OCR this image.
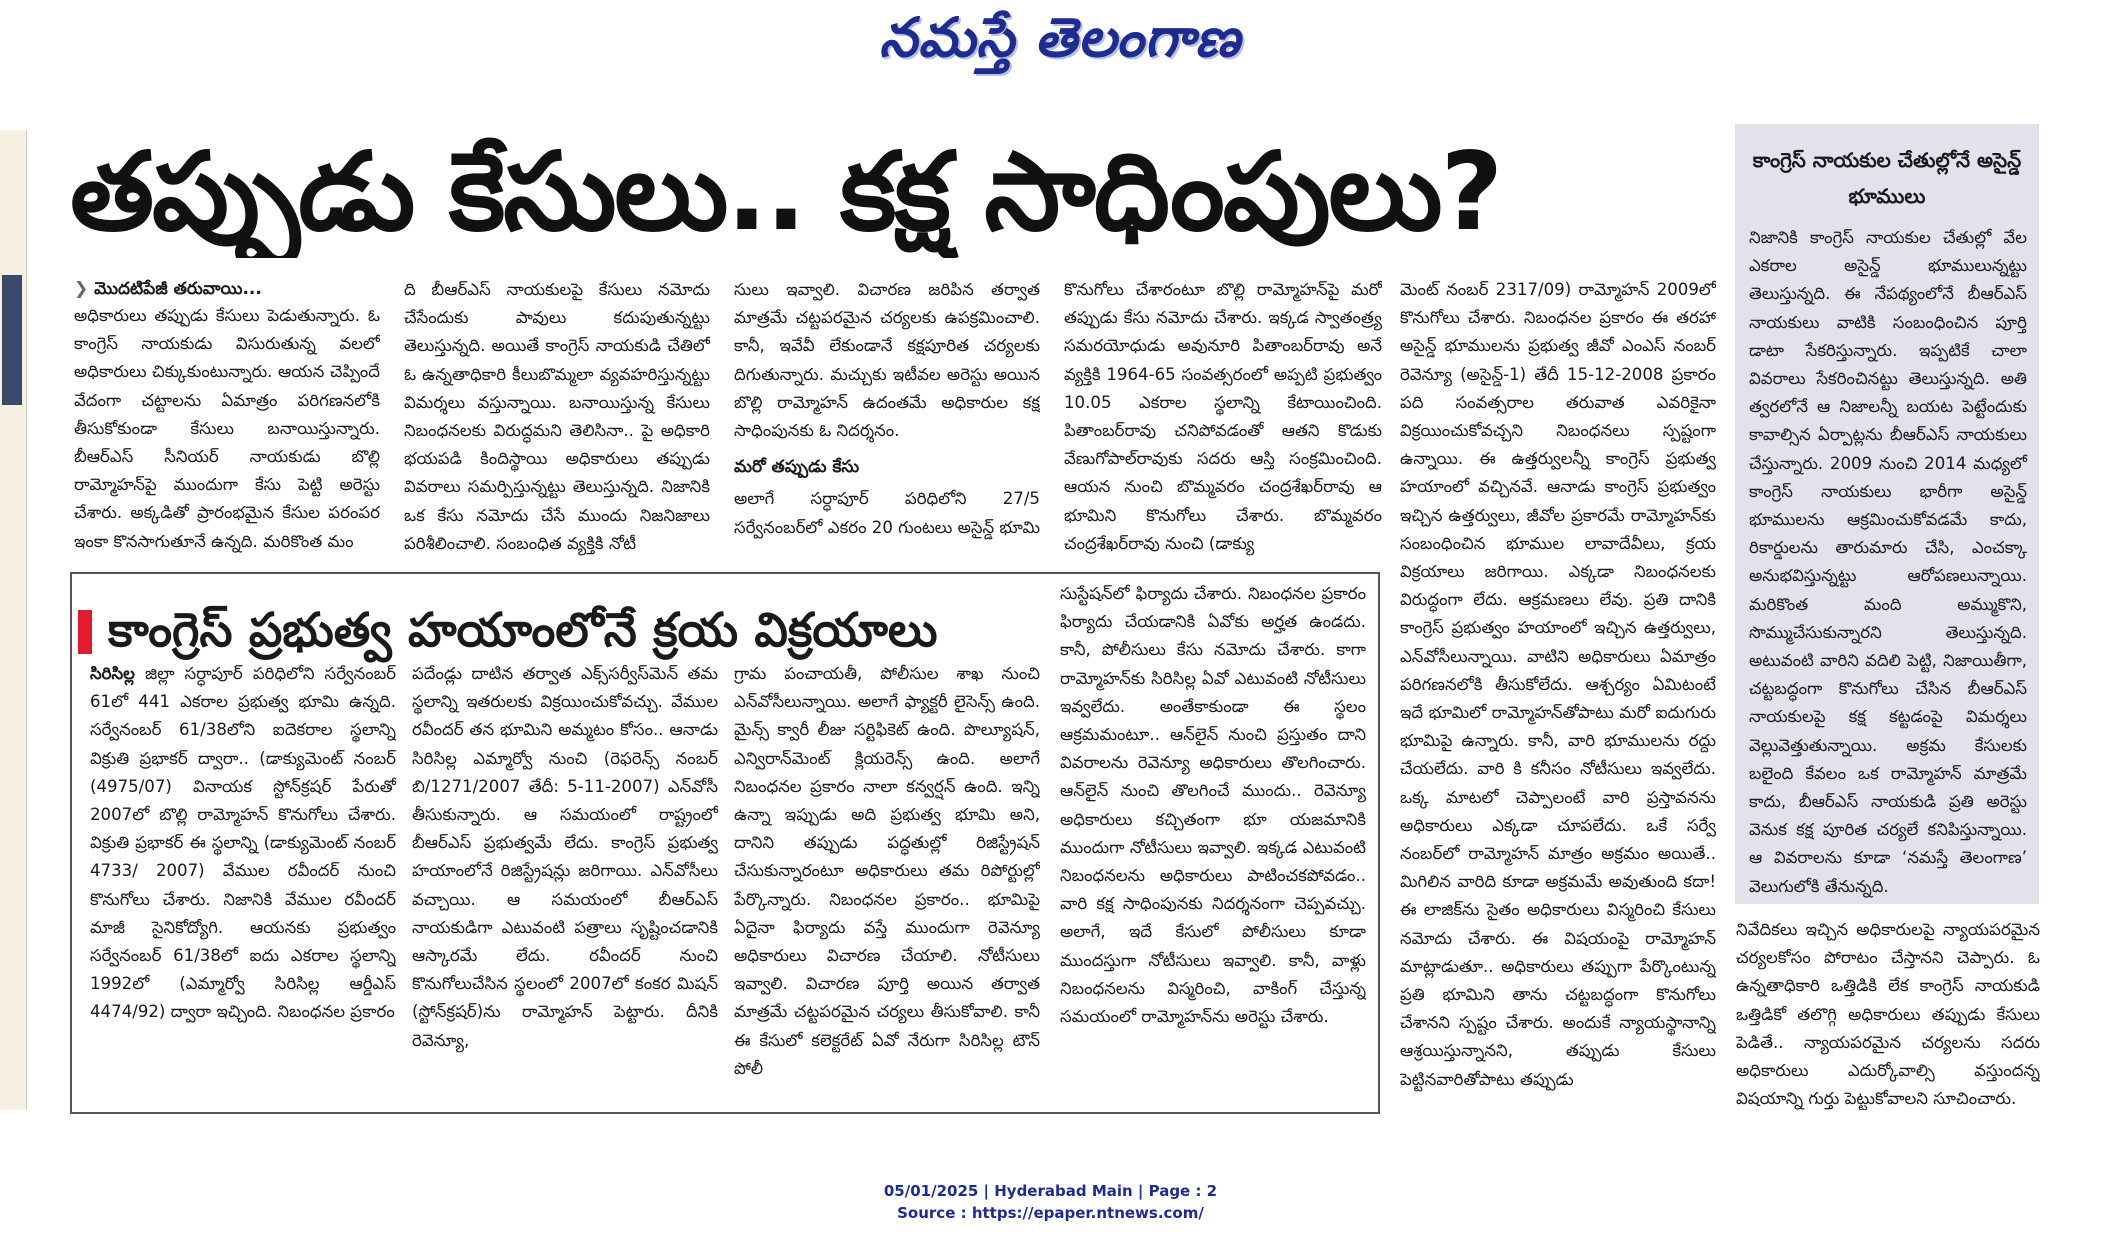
నమస్తే తెలంగాణ
తప్పుడు కేసులు.. కక్ష సాధింపులు?
❯ మొదటిపేజీ తరువాయి...

అధికారులు తప్పుడు కేసులు పెడుతున్నారు. ఓ కాంగ్రెస్ నాయకుడు విసురుతున్న వలలో అధికారులు చిక్కుకుంటున్నారు. ఆయన చెప్పిందే వేదంగా చట్టాలను ఏమాత్రం పరిగణనలోకి తీసుకోకుండా కేసులు బనాయిస్తున్నారు. బీఆర్ఎస్ సీనియర్ నాయకుడు బొల్లి రామ్మోహన్‌పై ముందుగా కేసు పెట్టి అరెస్టు చేశారు. అక్కడితో ప్రారంభమైన కేసుల పరంపర ఇంకా కొనసాగుతూనే ఉన్నది. మరికొంత మం

ది బీఆర్ఎస్ నాయకులపై కేసులు నమోదు చేసేందుకు పావులు కదుపుతున్నట్టు తెలుస్తున్నది. అయితే కాంగ్రెస్ నాయకుడి చేతిలో ఓ ఉన్నతాధికారి కీలుబొమ్మలా వ్యవహరిస్తున్నట్టు విమర్శలు వస్తున్నాయి. బనాయిస్తున్న కేసులు నిబంధనలకు విరుద్ధమని తెలిసినా.. పై అధికారి భయపడి కిందిస్థాయి అధికారులు తప్పుడు వివరాలు సమర్పిస్తున్నట్టు తెలుస్తున్నది. నిజానికి ఒక కేసు నమోదు చేసే ముందు నిజనిజాలు పరిశీలించాలి. సంబంధిత వ్యక్తికి నోటీ

సులు ఇవ్వాలి. విచారణ జరిపిన తర్వాత మాత్రమే చట్టపరమైన చర్యలకు ఉపక్రమించాలి. కానీ, ఇవేవీ లేకుండానే కక్షపూరిత చర్యలకు దిగుతున్నారు. మచ్చుకు ఇటీవల అరెస్టు అయిన బొల్లి రామ్మోహన్ ఉదంతమే అధికారుల కక్ష సాధింపునకు ఓ నిదర్శనం.

మరో తప్పుడు కేసు

అలాగే సర్ధాపూర్ పరిధిలోని 27/5 సర్వేనంబర్‌లో ఎకరం 20 గుంటలు అసైన్డ్ భూమి

కొనుగోలు చేశారంటూ బొల్లి రామ్మోహన్‌పై మరో తప్పుడు కేసు నమోదు చేశారు. ఇక్కడ స్వాతంత్ర్య సమరయోధుడు అవునూరి పితాంబర్‌రావు అనే వ్యక్తికి 1964-65 సంవత్సరంలో అప్పటి ప్రభుత్వం 10.05 ఎకరాల స్థలాన్ని కేటాయించింది. పితాంబర్‌రావు చనిపోవడంతో ఆతని కొడుకు వేణుగోపాల్‌రావుకు సదరు ఆస్తి సంక్రమించింది. ఆయన నుంచి బొమ్మవరం చంద్రశేఖర్‌రావు ఆ భూమిని కొనుగోలు చేశారు. బొమ్మవరం చంద్రశేఖర్‌రావు నుంచి (డాక్యు

మెంట్ నంబర్ 2317/09) రామ్మోహన్ 2009లో కొనుగోలు చేశారు. నిబంధనల ప్రకారం ఈ తరహా అసైన్డ్ భూములను ప్రభుత్వ జీవో ఎంఎస్ నంబర్ రెవెన్యూ (అసైన్డ్-1) తేదీ 15-12-2008 ప్రకారం పది సంవత్సరాల తరువాత ఎవరికైనా విక్రయించుకోవచ్చని నిబంధనలు స్పష్టంగా ఉన్నాయి. ఈ ఉత్తర్వులన్నీ కాంగ్రెస్ ప్రభుత్వ హయాంలో వచ్చినవే. ఆనాడు కాంగ్రెస్ ప్రభుత్వం ఇచ్చిన ఉత్తర్వులు, జీవోల ప్రకారమే రామ్మోహన్‌కు సంబంధించిన భూముల లావాదేవీలు, క్రయ విక్రయాలు జరిగాయి. ఎక్కడా నిబంధనలకు విరుద్ధంగా లేదు. ఆక్రమణలు లేవు. ప్రతి దానికి కాంగ్రెస్ ప్రభుత్వం హయాంలో ఇచ్చిన ఉత్తర్వులు, ఎన్‌వోసీలున్నాయి. వాటిని అధికారులు ఏమాత్రం పరిగణనలోకి తీసుకోలేదు. ఆశ్చర్యం ఏమిటంటే ఇదే భూమిలో రామ్మోహన్‌తోపాటు మరో ఐదుగురు భూమిపై ఉన్నారు. కానీ, వారి భూములను రద్దు చేయలేదు. వారి కి కనీసం నోటీసులు ఇవ్వలేదు. ఒక్క మాటలో చెప్పాలంటే వారి ప్రస్తావనను అధికారులు ఎక్కడా చూపలేదు. ఒకే సర్వే నంబర్‌లో రామ్మోహన్ మాత్రం అక్రమం అయితే.. మిగిలిన వారిది కూడా అక్రమమే అవుతుంది కదా! ఈ లాజిక్‌ను సైతం అధికారులు విస్మరించి కేసులు నమోదు చేశారు. ఈ విషయంపై రామ్మోహన్ మాట్లాడుతూ.. అధికారులు తప్పుగా పేర్కొంటున్న ప్రతి భూమిని తాను చట్టబద్ధంగా కొనుగోలు చేశానని స్పష్టం చేశారు. అందుకే న్యాయస్థానాన్ని ఆశ్రయిస్తున్నానని, తప్పుడు కేసులు పెట్టినవారితోపాటు తప్పుడు

కాంగ్రెస్ ప్రభుత్వ హయాంలోనే క్రయ విక్రయాలు

సిరిసిల్ల జిల్లా సర్ధాపూర్ పరిధిలోని సర్వేనంబర్ 61లో 441 ఎకరాల ప్రభుత్వ భూమి ఉన్నది. సర్వేనంబర్ 61/38లోని ఐదెకరాల స్థలాన్ని విక్రుతి ప్రభాకర్ ద్వారా.. (డాక్యుమెంట్ నంబర్ (4975/07) వినాయక స్టోన్‌క్రషర్ పేరుతో 2007లో బొల్లి రామ్మోహన్ కొనుగోలు చేశారు. విక్రుతి ప్రభాకర్ ఈ స్థలాన్ని (డాక్యుమెంట్ నంబర్ 4733/ 2007) వేముల రవీందర్ నుంచి కొనుగోలు చేశారు. నిజానికి వేముల రవీందర్ మాజీ సైనికోద్యోగి. ఆయనకు ప్రభుత్వం సర్వేనంబర్ 61/38లో ఐదు ఎకరాల స్థలాన్ని 1992లో (ఎమ్మార్వో సిరిసిల్ల ఆర్డీఎస్ 4474/92) ద్వారా ఇచ్చింది. నిబంధనల ప్రకారం

పదేండ్లు దాటిన తర్వాత ఎక్స్‌సర్వీస్‌మెన్ తమ స్థలాన్ని ఇతరులకు విక్రయించుకోవచ్చు. వేముల రవీందర్ తన భూమిని అమ్మటం కోసం.. ఆనాడు సిరిసిల్ల ఎమ్మార్వో నుంచి (రెఫరెన్స్ నంబర్ బి/1271/2007 తేదీ: 5-11-2007) ఎన్‌వోసీ తీసుకున్నారు. ఆ సమయంలో రాష్ట్రంలో బీఆర్ఎస్ ప్రభుత్వమే లేదు. కాంగ్రెస్ ప్రభుత్వ హయాంలోనే రిజిస్ట్రేషన్లు జరిగాయి. ఎన్‌వోసీలు వచ్చాయి. ఆ సమయంలో బీఆర్ఎస్ నాయకుడిగా ఎటువంటి పత్రాలు సృష్టించడానికి ఆస్కారమే లేదు. రవీందర్ నుంచి కొనుగోలుచేసిన స్థలంలో 2007లో కంకర మిషన్ (స్టోన్‌క్రషర్)ను రామ్మోహన్ పెట్టారు. దీనికి రెవెన్యూ,

గ్రామ పంచాయతీ, పోలీసుల శాఖ నుంచి ఎన్‌వోసీలున్నాయి. అలాగే ఫ్యాక్టరీ లైసెన్స్ ఉంది. మైన్స్ క్వారీ లీజు సర్టిఫికెట్ ఉంది. పొల్యూషన్, ఎన్విరాన్‌మెంట్ క్లియరెన్స్ ఉంది. అలాగే నిబంధనల ప్రకారం నాలా కన్వర్షన్ ఉంది. ఇన్ని ఉన్నా ఇప్పుడు అది ప్రభుత్వ భూమి అని, దానిని తప్పుడు పద్ధతుల్లో రిజిస్ట్రేషన్ చేసుకున్నారంటూ అధికారులు తమ రిపోర్టుల్లో పేర్కొన్నారు. నిబంధనల ప్రకారం.. భూమిపై ఏదైనా ఫిర్యాదు వస్తే ముందుగా రెవెన్యూ అధికారులు విచారణ చేయాలి. నోటీసులు ఇవ్వాలి. విచారణ పూర్తి అయిన తర్వాత మాత్రమే చట్టపరమైన చర్యలు తీసుకోవాలి. కానీ ఈ కేసులో కలెక్టరేట్ ఏవో నేరుగా సిరిసిల్ల టౌన్ పోలీ

సుస్టేషన్‌లో ఫిర్యాదు చేశారు. నిబంధనల ప్రకారం ఫిర్యాదు చేయడానికి ఏవోకు అర్హత ఉండదు. కానీ, పోలీసులు కేసు నమోదు చేశారు. కాగా రామ్మోహన్‌కు సిరిసిల్ల ఏవో ఎటువంటి నోటీసులు ఇవ్వలేదు. అంతేకాకుండా ఈ స్థలం ఆక్రమమంటూ.. ఆన్‌లైన్ నుంచి ప్రస్తుతం దాని వివరాలను రెవెన్యూ అధికారులు తొలగించారు. ఆన్‌లైన్ నుంచి తొలగించే ముందు.. రెవెన్యూ అధికారులు కచ్చితంగా భూ యజమానికి ముందుగా నోటీసులు ఇవ్వాలి. ఇక్కడ ఎటువంటి నిబంధనలను అధికారులు పాటించకపోవడం.. వారి కక్ష సాధింపునకు నిదర్శనంగా చెప్పవచ్చు. అలాగే, ఇదే కేసులో పోలీసులు కూడా ముందస్తుగా నోటీసులు ఇవ్వాలి. కానీ, వాళ్లు నిబంధనలను విస్మరించి, వాకింగ్ చేస్తున్న సమయంలో రామ్మోహన్‌ను అరెస్టు చేశారు.

కాంగ్రెస్ నాయకుల చేతుల్లోనే అసైన్డ్ భూములు
నిజానికి కాంగ్రెస్ నాయకుల చేతుల్లో వేల ఎకరాల అసైన్డ్ భూములున్నట్టు తెలుస్తున్నది. ఈ నేపథ్యంలోనే బీఆర్ఎస్ నాయకులు వాటికి సంబంధించిన పూర్తి డాటా సేకరిస్తున్నారు. ఇప్పటికే చాలా వివరాలు సేకరించినట్టు తెలుస్తున్నది. అతి త్వరలోనే ఆ నిజాలన్నీ బయట పెట్టేందుకు కావాల్సిన ఏర్పాట్లను బీఆర్ఎస్ నాయకులు చేస్తున్నారు. 2009 నుంచి 2014 మధ్యలో కాంగ్రెస్ నాయకులు భారీగా అసైన్డ్ భూములను ఆక్రమించుకోవడమే కాదు, రికార్డులను తారుమారు చేసి, ఎంచక్కా అనుభవిస్తున్నట్టు ఆరోపణలున్నాయి. మరికొంత మంది అమ్ముకొని, సొమ్ముచేసుకున్నారని తెలుస్తున్నది. అటువంటి వారిని వదిలి పెట్టి, నిజాయితీగా, చట్టబద్ధంగా కొనుగోలు చేసిన బీఆర్ఎస్ నాయకులపై కక్ష కట్టడంపై విమర్శలు వెల్లువెత్తుతున్నాయి. అక్రమ కేసులకు బలైంది కేవలం ఒక రామ్మోహన్ మాత్రమే కాదు, బీఆర్ఎస్ నాయకుడి ప్రతి అరెస్టు వెనుక కక్ష పూరిత చర్యలే కనిపిస్తున్నాయి. ఆ వివరాలను కూడా ‘నమస్తే తెలంగాణ’ వెలుగులోకి తేనున్నది.

నివేదికలు ఇచ్చిన అధికారులపై న్యాయపరమైన చర్యలకోసం పోరాటం చేస్తానని చెప్పారు. ఓ ఉన్నతాధికారి ఒత్తిడికి లేక కాంగ్రెస్ నాయకుడి ఒత్తిడికో తలొగ్గి అధికారులు తప్పుడు కేసులు పెడితే.. న్యాయపరమైన చర్యలను సదరు అధికారులు ఎదుర్కోవాల్సి వస్తుందన్న విషయాన్ని గుర్తు పెట్టుకోవాలని సూచించారు.

05/01/2025 | Hyderabad Main | Page : 2
Source : https://epaper.ntnews.com/
